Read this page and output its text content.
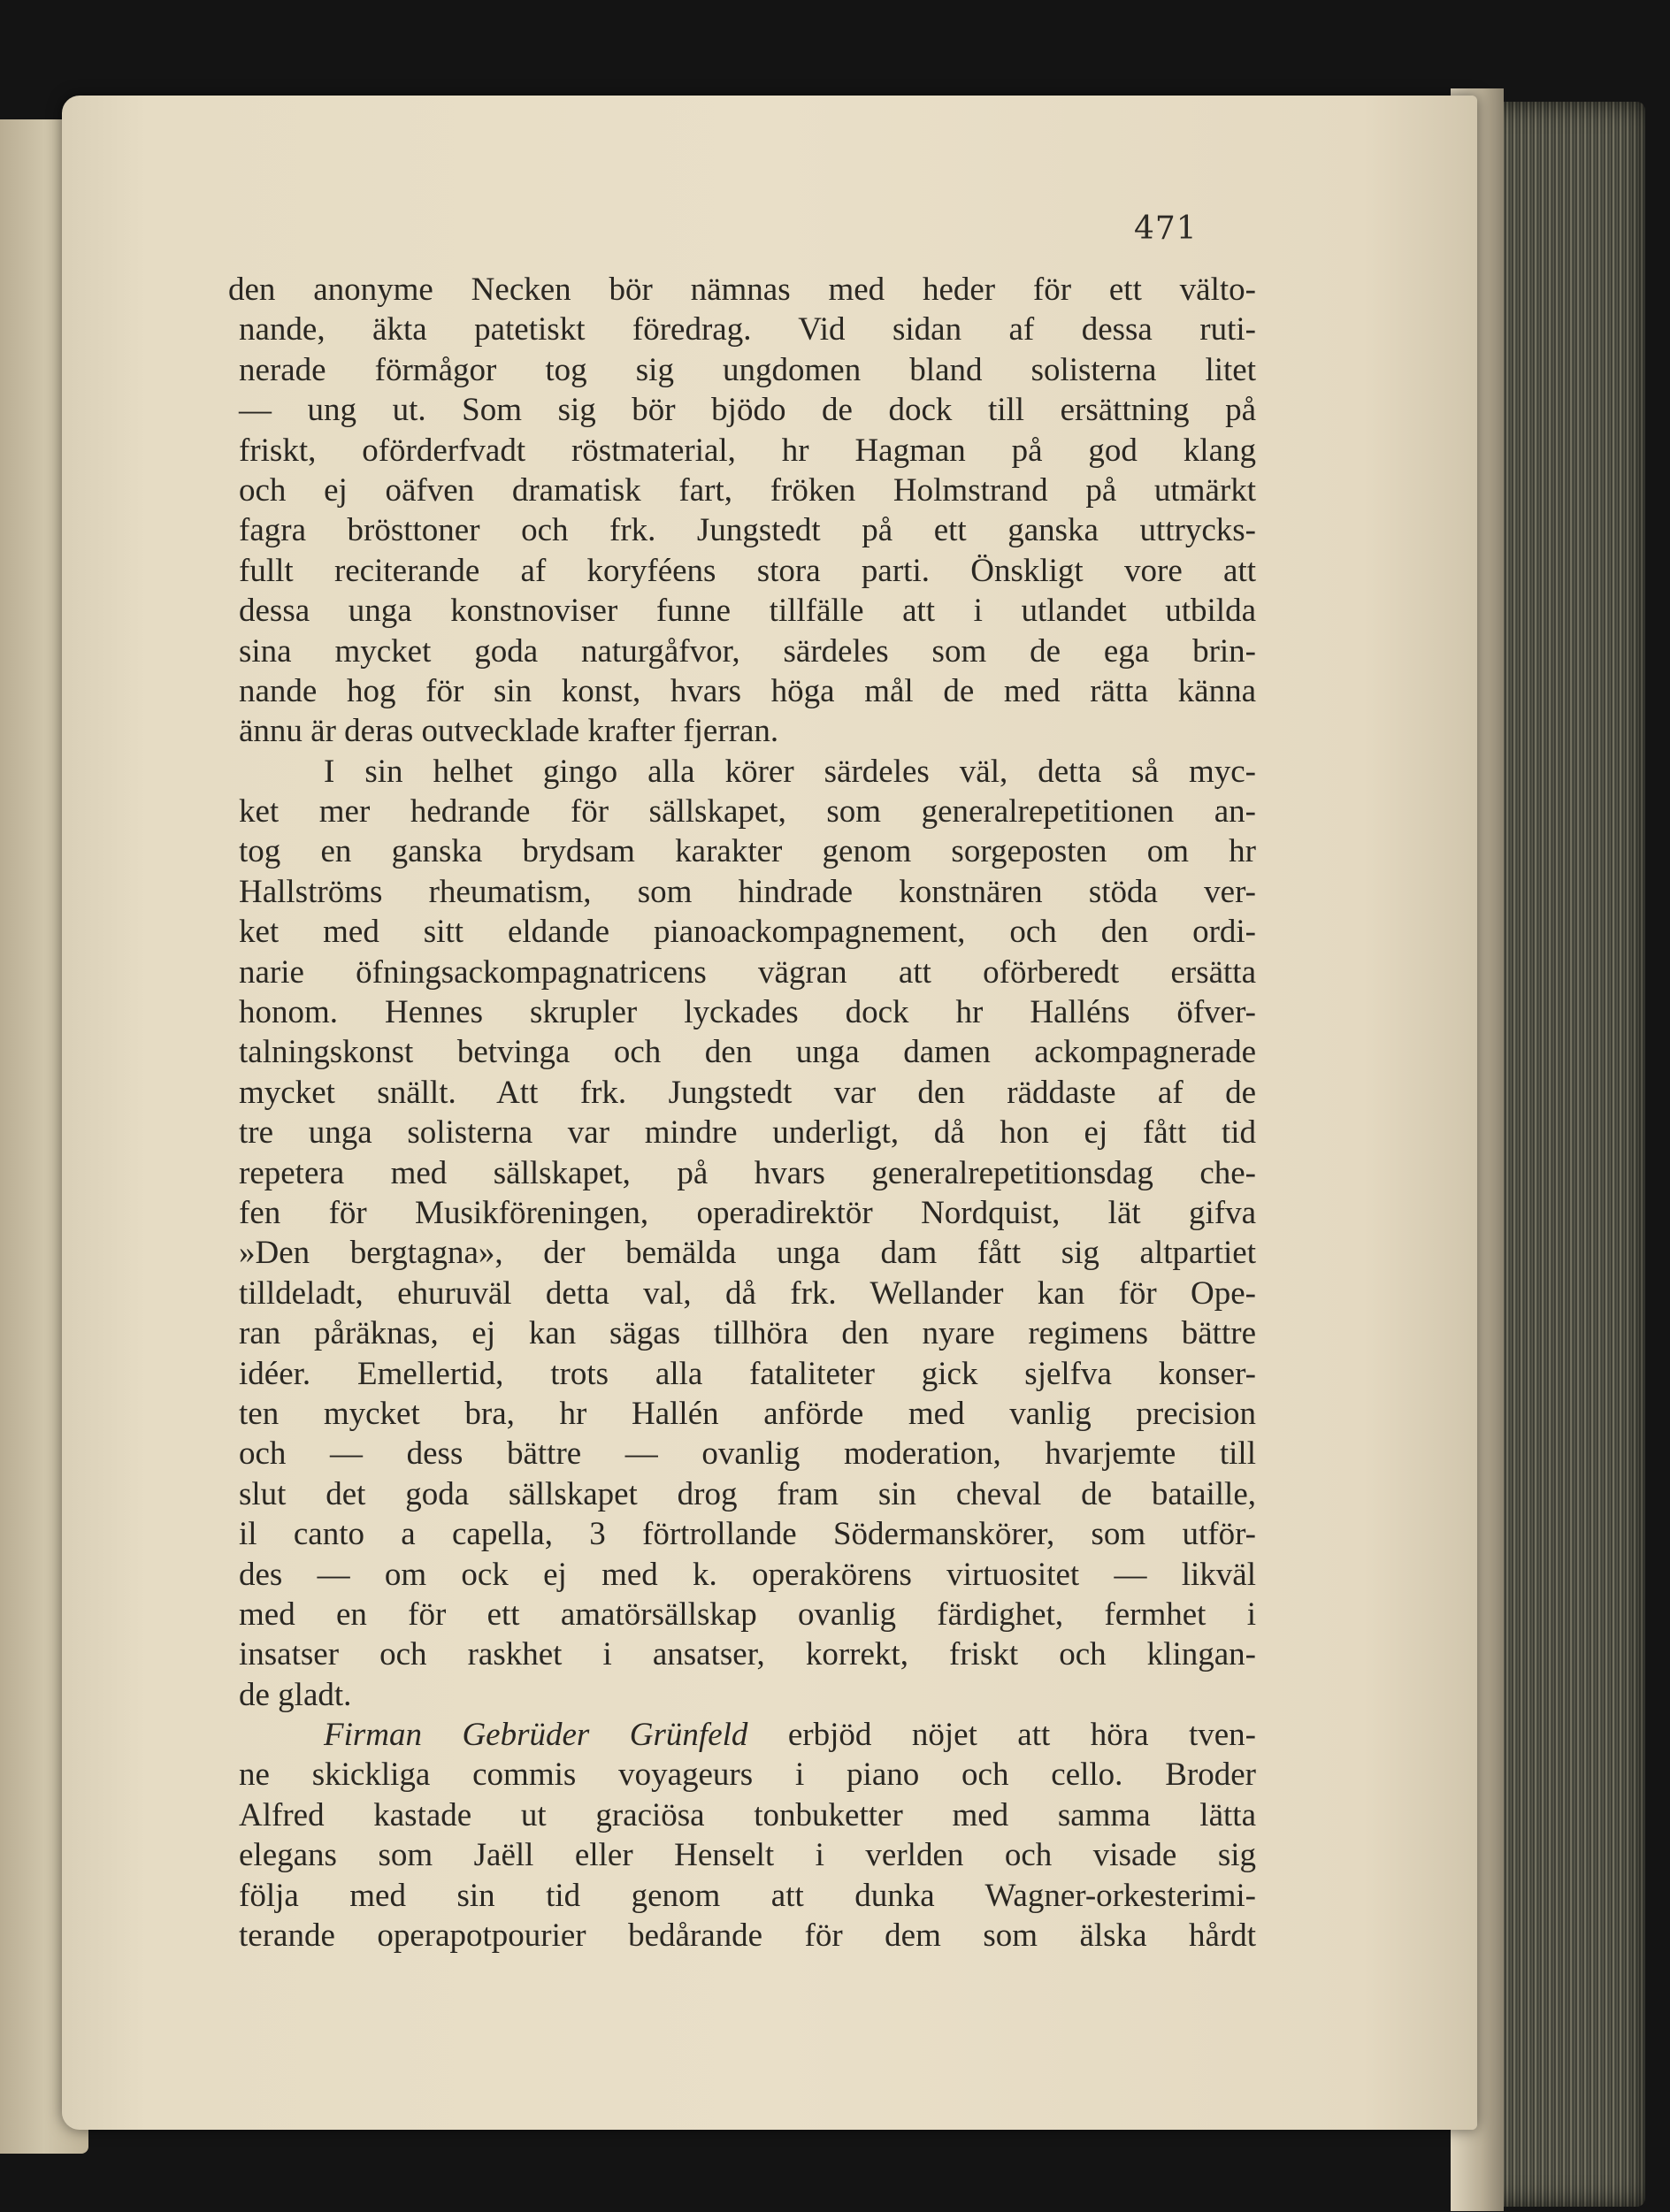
471
den anonyme Necken bör nämnas med heder för ett välto-
nande, äkta patetiskt föredrag. Vid sidan af dessa ruti-
nerade förmågor tog sig ungdomen bland solisterna litet
— ung ut. Som sig bör bjödo de dock till ersättning på
friskt, oförderfvadt röstmaterial, hr Hagman på god klang
och ej oäfven dramatisk fart, fröken Holmstrand på utmärkt
fagra brösttoner och frk. Jungstedt på ett ganska uttrycks-
fullt reciterande af koryféens stora parti. Önskligt vore att
dessa unga konstnoviser funne tillfälle att i utlandet utbilda
sina mycket goda naturgåfvor, särdeles som de ega brin-
nande hog för sin konst, hvars höga mål de med rätta känna
ännu är deras outvecklade krafter fjerran.
I sin helhet gingo alla körer särdeles väl, detta så myc-
ket mer hedrande för sällskapet, som generalrepetitionen an-
tog en ganska brydsam karakter genom sorgeposten om hr
Hallströms rheumatism, som hindrade konstnären stöda ver-
ket med sitt eldande pianoackompagnement, och den ordi-
narie öfningsackompagnatricens vägran att oförberedt ersätta
honom. Hennes skrupler lyckades dock hr Halléns öfver-
talningskonst betvinga och den unga damen ackompagnerade
mycket snällt. Att frk. Jungstedt var den räddaste af de
tre unga solisterna var mindre underligt, då hon ej fått tid
repetera med sällskapet, på hvars generalrepetitionsdag che-
fen för Musikföreningen, operadirektör Nordquist, lät gifva
»Den bergtagna», der bemälda unga dam fått sig altpartiet
tilldeladt, ehuruväl detta val, då frk. Wellander kan för Ope-
ran påräknas, ej kan sägas tillhöra den nyare regimens bättre
idéer. Emellertid, trots alla fataliteter gick sjelfva konser-
ten mycket bra, hr Hallén anförde med vanlig precision
och — dess bättre — ovanlig moderation, hvarjemte till
slut det goda sällskapet drog fram sin cheval de bataille,
il canto a capella, 3 förtrollande Södermanskörer, som utför-
des — om ock ej med k. operakörens virtuositet — likväl
med en för ett amatörsällskap ovanlig färdighet, fermhet i
insatser och raskhet i ansatser, korrekt, friskt och klingan-
de gladt.
Firman Gebrüder Grünfeld erbjöd nöjet att höra tven-
ne skickliga commis voyageurs i piano och cello. Broder
Alfred kastade ut graciösa tonbuketter med samma lätta
elegans som Jaëll eller Henselt i verlden och visade sig
följa med sin tid genom att dunka Wagner-orkesterimi-
terande operapotpourier bedårande för dem som älska hårdt
